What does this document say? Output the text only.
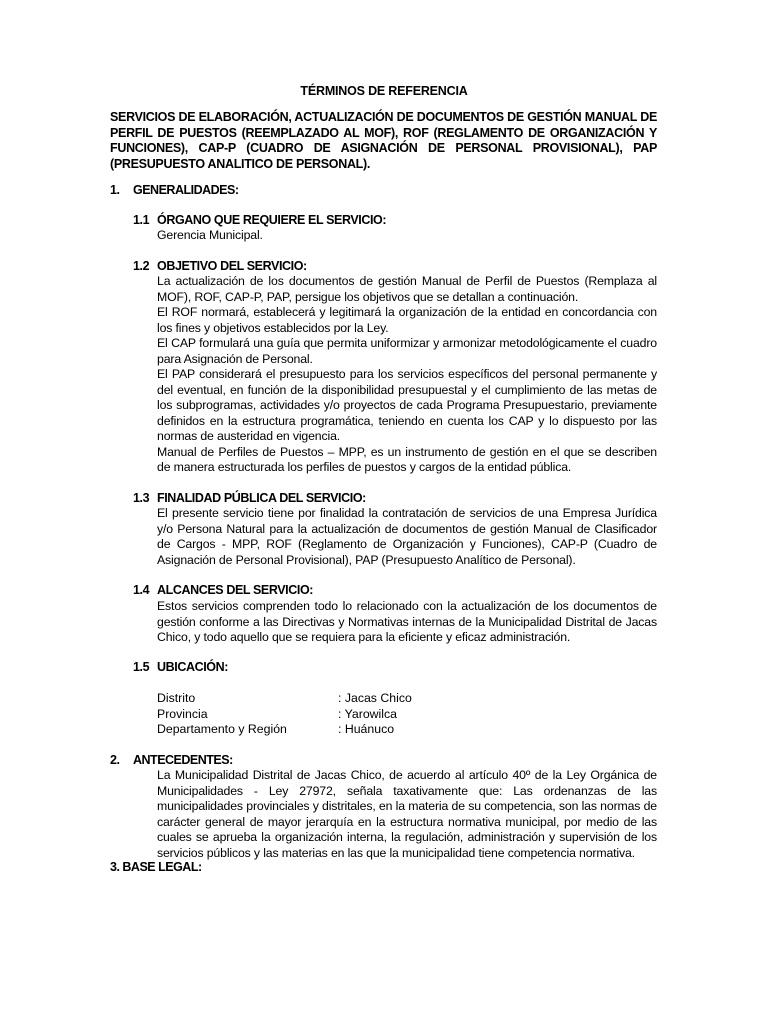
TÉRMINOS DE REFERENCIA
SERVICIOS DE ELABORACIÓN, ACTUALIZACIÓN DE DOCUMENTOS DE GESTIÓN MANUAL DE PERFIL DE PUESTOS (REEMPLAZADO AL MOF), ROF (REGLAMENTO DE ORGANIZACIÓN Y FUNCIONES), CAP-P (CUADRO DE ASIGNACIÓN DE PERSONAL PROVISIONAL), PAP (PRESUPUESTO ANALITICO DE PERSONAL).
1. GENERALIDADES:
1.1 ÓRGANO QUE REQUIERE EL SERVICIO:
Gerencia Municipal.
1.2 OBJETIVO DEL SERVICIO:

La actualización de los documentos de gestión Manual de Perfil de Puestos (Remplaza al MOF), ROF, CAP-P, PAP, persigue los objetivos que se detallan a continuación.

El ROF normará, establecerá y legitimará la organización de la entidad en concordancia con los fines y objetivos establecidos por la Ley.

El CAP formulará una guía que permita uniformizar y armonizar metodológicamente el cuadro para Asignación de Personal.

El PAP considerará el presupuesto para los servicios específicos del personal permanente y del eventual, en función de la disponibilidad presupuestal y el cumplimiento de las metas de los subprogramas, actividades y/o proyectos de cada Programa Presupuestario, previamente definidos en la estructura programática, teniendo en cuenta los CAP y lo dispuesto por las normas de austeridad en vigencia.

Manual de Perfiles de Puestos – MPP, es un instrumento de gestión en el que se describen de manera estructurada los perfiles de puestos y cargos de la entidad pública.

1.3 FINALIDAD PÚBLICA DEL SERVICIO:
El presente servicio tiene por finalidad la contratación de servicios de una Empresa Jurídica y/o Persona Natural para la actualización de documentos de gestión Manual de Clasificador de Cargos - MPP, ROF (Reglamento de Organización y Funciones), CAP-P (Cuadro de Asignación de Personal Provisional), PAP (Presupuesto Analítico de Personal).
1.4 ALCANCES DEL SERVICIO:
Estos servicios comprenden todo lo relacionado con la actualización de los documentos de gestión conforme a las Directivas y Normativas internas de la Municipalidad Distrital de Jacas Chico, y todo aquello que se requiera para la eficiente y eficaz administración.
1.5 UBICACIÓN:
Distrito	: Jacas Chico
Provincia	: Yarowilca
Departamento y Región	: Huánuco
2. ANTECEDENTES:
La Municipalidad Distrital de Jacas Chico, de acuerdo al artículo 40º de la Ley Orgánica de Municipalidades - Ley 27972, señala taxativamente que: Las ordenanzas de las municipalidades provinciales y distritales, en la materia de su competencia, son las normas de carácter general de mayor jerarquía en la estructura normativa municipal, por medio de las cuales se aprueba la organización interna, la regulación, administración y supervisión de los servicios públicos y las materias en las que la municipalidad tiene competencia normativa.
3. BASE LEGAL:
